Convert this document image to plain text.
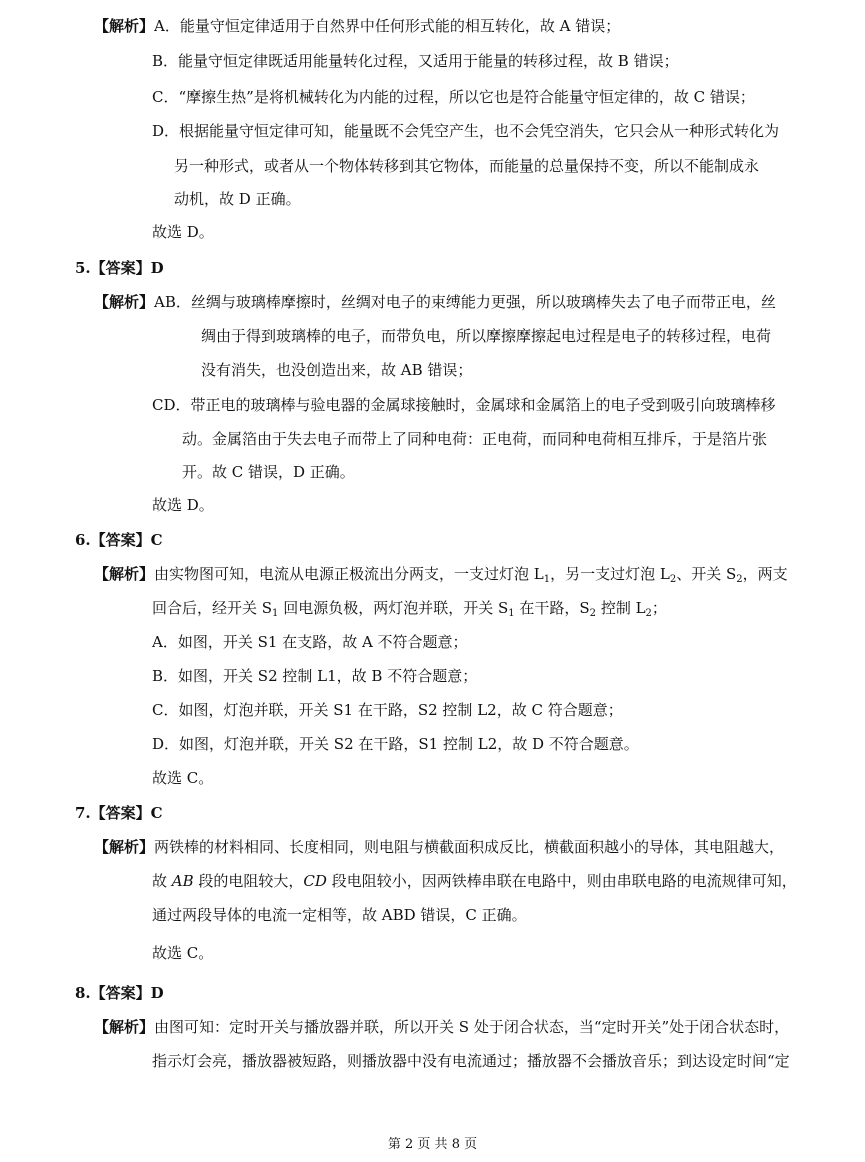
【解析】A．能量守恒定律适用于自然界中任何形式能的相互转化，故 A 错误；
B．能量守恒定律既适用能量转化过程，又适用于能量的转移过程，故 B 错误；
C．“摩擦生热”是将机械转化为内能的过程，所以它也是符合能量守恒定律的，故 C 错误；
D．根据能量守恒定律可知，能量既不会凭空产生，也不会凭空消失，它只会从一种形式转化为
另一种形式，或者从一个物体转移到其它物体，而能量的总量保持不变，所以不能制成永
动机，故 D 正确。
故选 D。
5.【答案】D
【解析】AB．丝绸与玻璃棒摩擦时，丝绸对电子的束缚能力更强，所以玻璃棒失去了电子而带正电，丝
绸由于得到玻璃棒的电子，而带负电，所以摩擦摩擦起电过程是电子的转移过程，电荷
没有消失，也没创造出来，故 AB 错误；
CD．带正电的玻璃棒与验电器的金属球接触时，金属球和金属箔上的电子受到吸引向玻璃棒移
动。金属箔由于失去电子而带上了同种电荷：正电荷，而同种电荷相互排斥，于是箔片张
开。故 C 错误，D 正确。
故选 D。
6.【答案】C
【解析】由实物图可知，电流从电源正极流出分两支，一支过灯泡 $L_1$，另一支过灯泡 $L_2$、开关 $S_2$，两支
回合后，经开关 $S_1$ 回电源负极，两灯泡并联，开关 $S_1$ 在干路，$S_2$ 控制 $L_2$；
A．如图，开关 S1 在支路，故 A 不符合题意；
B．如图，开关 S2 控制 L1，故 B 不符合题意；
C．如图，灯泡并联，开关 S1 在干路，S2 控制 L2，故 C 符合题意；
D．如图，灯泡并联，开关 S2 在干路，S1 控制 L2，故 D 不符合题意。
故选 C。
7.【答案】C
【解析】两铁棒的材料相同、长度相同，则电阻与横截面积成反比，横截面积越小的导体，其电阻越大，
故 AB 段的电阻较大，CD 段电阻较小，因两铁棒串联在电路中，则由串联电路的电流规律可知，
通过两段导体的电流一定相等，故 ABD 错误，C 正确。
故选 C。
8.【答案】D
【解析】由图可知：定时开关与播放器并联，所以开关 S 处于闭合状态，当“定时开关”处于闭合状态时，
指示灯会亮，播放器被短路，则播放器中没有电流通过；播放器不会播放音乐；到达设定时间“定
第 2 页 共 8 页
